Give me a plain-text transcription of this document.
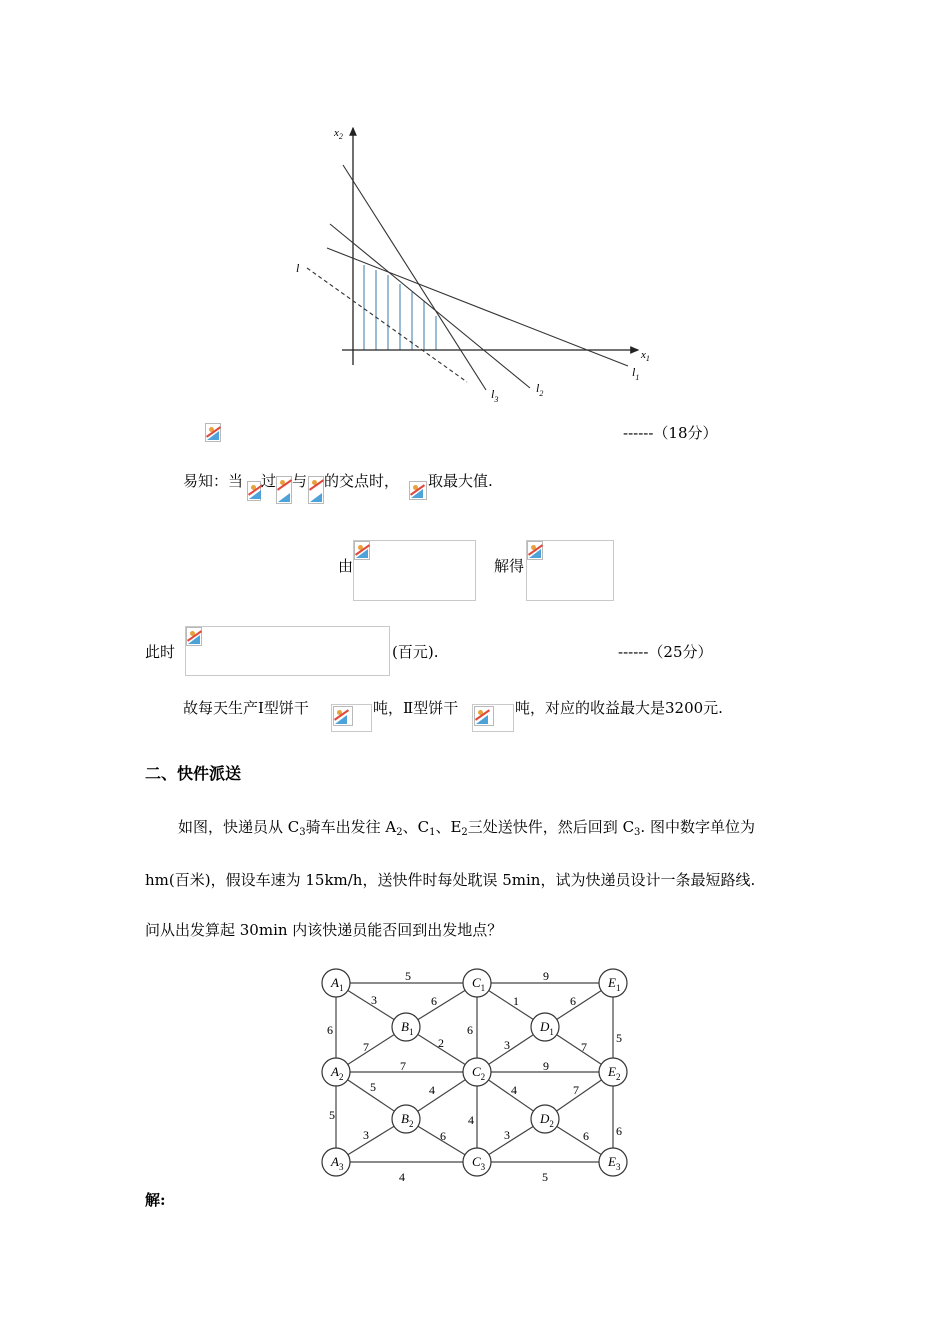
$x_2$
$x_1$
l
$l_1$
$l_2$
$l_3$
------（18分）
易知：当 过 与 的交点时， 取最大值.
由	解得
此时	(百元).	------（25分）
故每天生产Ⅰ型饼干	吨，Ⅱ型饼干	吨，对应的收益最大是3200元.
二、快件派送
如图，快递员从 $C_3$骑车出发往 $A_2$、$C_1$、$E_2$三处送快件，然后回到 $C_3$. 图中数字单位为
hm(百米)，假设车速为 15km/h，送快件时每处耽误 5min，试为快递员设计一条最短路线.
问从出发算起 30min 内该快递员能否回到出发地点？
5	9
3	6	1	6
6	6
5
7	2	3	7
7	9
5	4	4	7
5	4
6
3	6	3	6
4	5
$A_1$	$C_1$	$E_1$
$B_1$	$D_1$
$A_2$	$C_2$	$E_2$
$B_2$	$D_2$
$A_3$	$C_3$	$E_3$
解:
